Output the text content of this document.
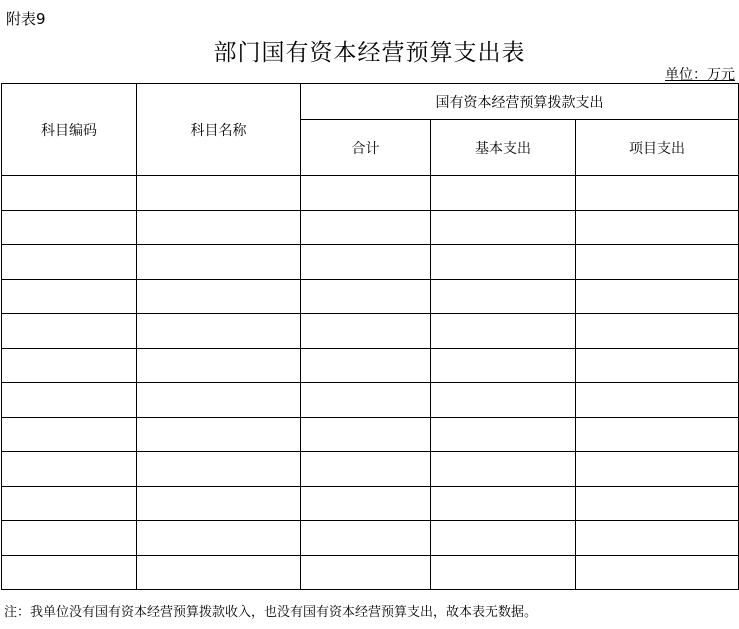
附表9
部门国有资本经营预算支出表
单位：万元
科目编码	科目名称	国有资本经营预算拨款支出		
		合计	基本支出	项目支出

注：我单位没有国有资本经营预算拨款收入，也没有国有资本经营预算支出，故本表无数据。
